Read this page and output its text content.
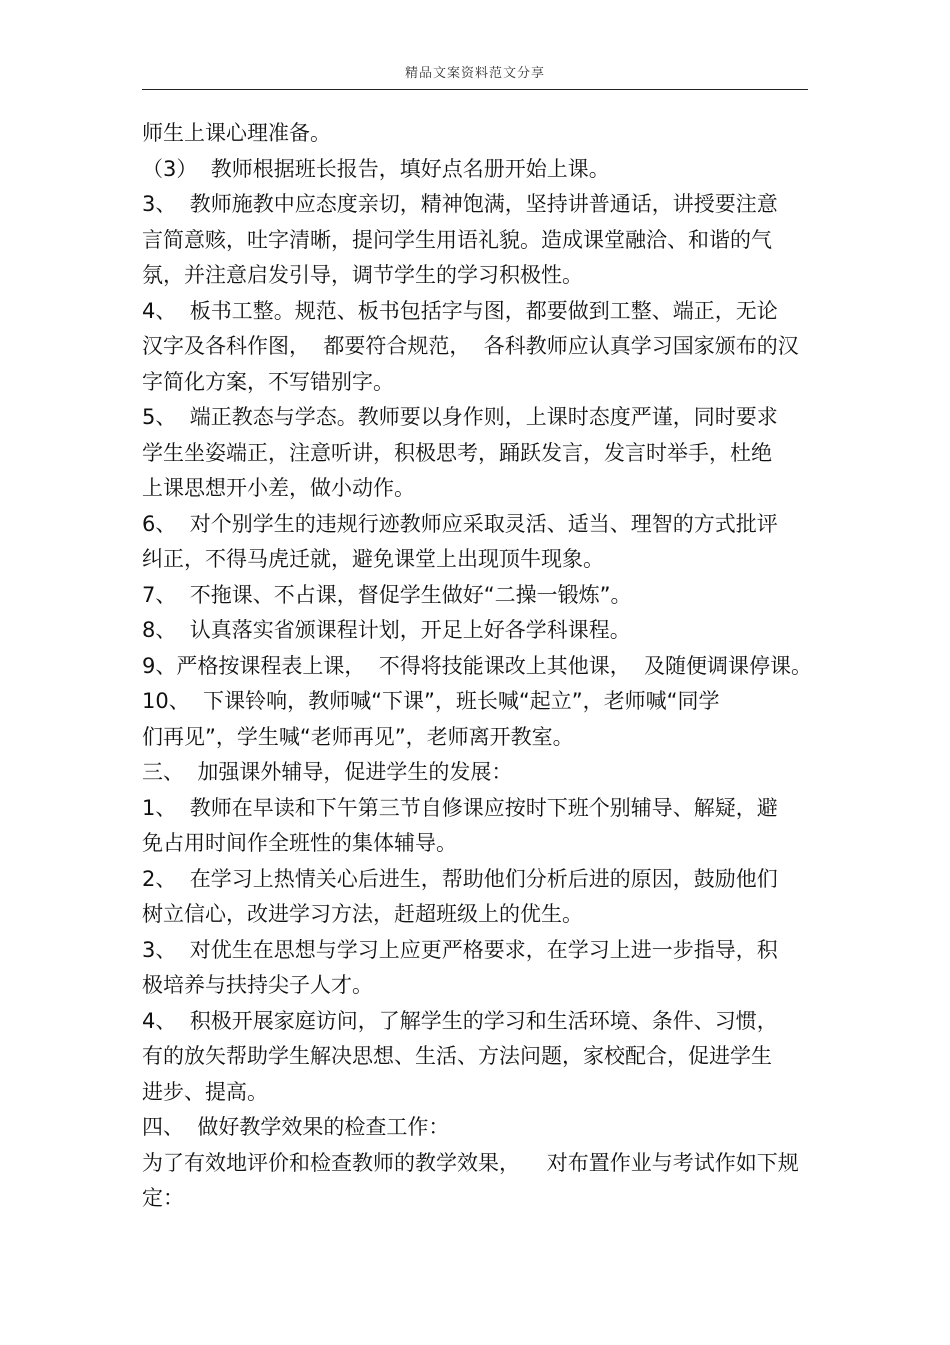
精品文案资料范文分享
师生上课心理准备。
（3）  教师根据班长报告，填好点名册开始上课。
3、  教师施教中应态度亲切，精神饱满，坚持讲普通话，讲授要注意
言简意赅，吐字清晰，提问学生用语礼貌。造成课堂融洽、和谐的气
氛，并注意启发引导，调节学生的学习积极性。
4、  板书工整。规范、板书包括字与图，都要做到工整、端正，无论
汉字及各科作图，  都要符合规范，  各科教师应认真学习国家颁布的汉
字简化方案，不写错别字。
5、  端正教态与学态。教师要以身作则，上课时态度严谨，同时要求
学生坐姿端正，注意听讲，积极思考，踊跃发言，发言时举手，杜绝
上课思想开小差，做小动作。
6、  对个别学生的违规行迹教师应采取灵活、适当、理智的方式批评
纠正，不得马虎迁就，避免课堂上出现顶牛现象。
7、  不拖课、不占课，督促学生做好“二操一锻炼”。
8、  认真落实省颁课程计划，开足上好各学科课程。
9、严格按课程表上课，  不得将技能课改上其他课，  及随便调课停课。
10、  下课铃响，教师喊“下课”，班长喊“起立”，老师喊“同学
们再见”，学生喊“老师再见”，老师离开教室。
三、  加强课外辅导，促进学生的发展：
1、  教师在早读和下午第三节自修课应按时下班个别辅导、解疑，避
免占用时间作全班性的集体辅导。
2、  在学习上热情关心后进生，帮助他们分析后进的原因，鼓励他们
树立信心，改进学习方法，赶超班级上的优生。
3、  对优生在思想与学习上应更严格要求，在学习上进一步指导，积
极培养与扶持尖子人才。
4、  积极开展家庭访问，了解学生的学习和生活环境、条件、习惯，
有的放矢帮助学生解决思想、生活、方法问题，家校配合，促进学生
进步、提高。
四、  做好教学效果的检查工作：
为了有效地评价和检查教师的教学效果，    对布置作业与考试作如下规
定：
